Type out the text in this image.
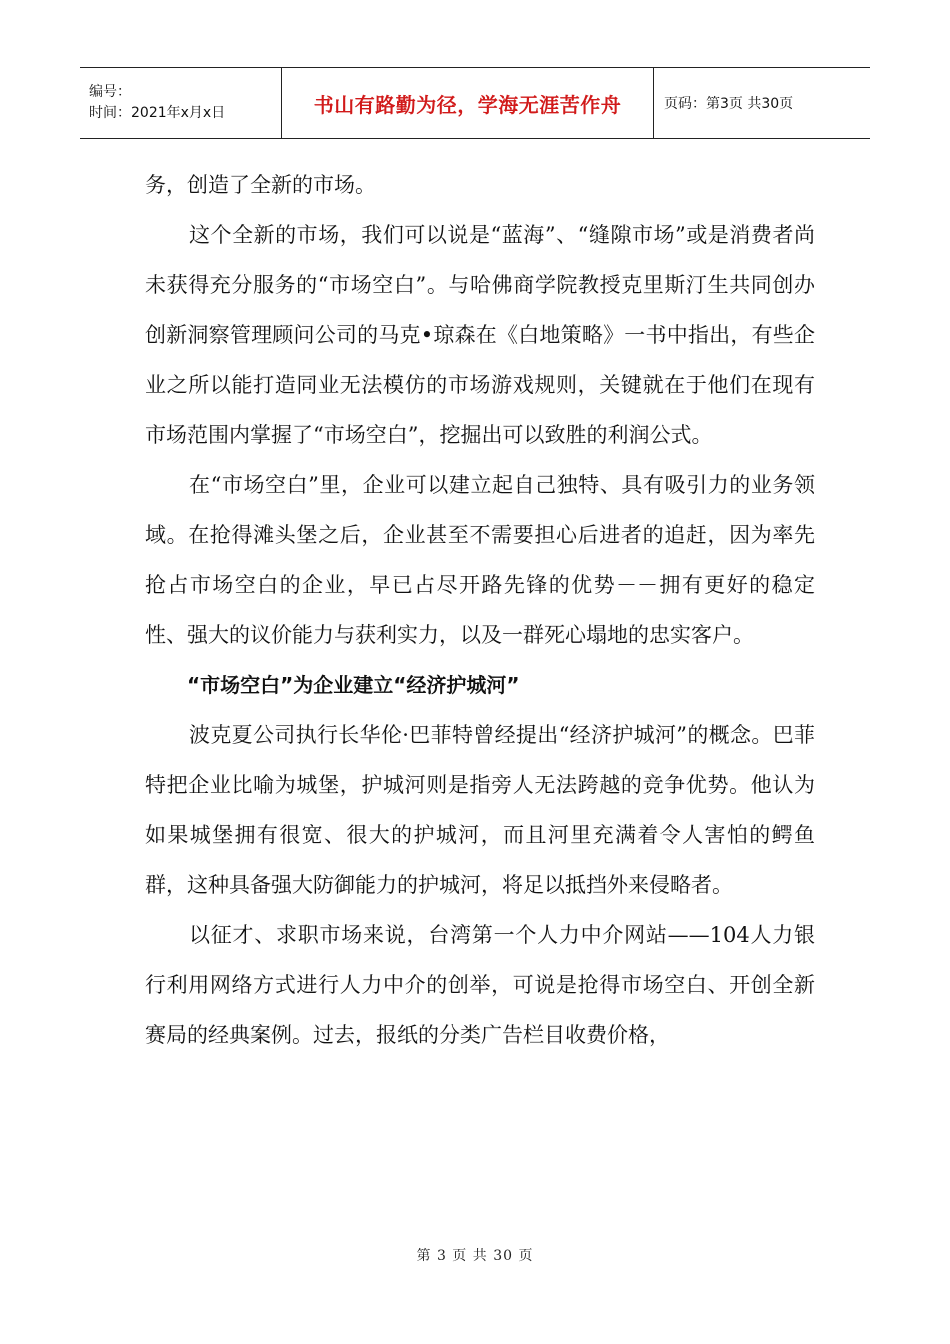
编号：
时间：2021年x月x日	书山有路勤为径，学海无涯苦作舟	页码：第3页 共30页

务，创造了全新的市场。

这个全新的市场，我们可以说是“蓝海”、“缝隙市场”或是消费者尚未获得充分服务的“市场空白”。与哈佛商学院教授克里斯汀生共同创办创新洞察管理顾问公司的马克•琼森在《白地策略》一书中指出，有些企业之所以能打造同业无法模仿的市场游戏规则，关键就在于他们在现有市场范围内掌握了“市场空白”，挖掘出可以致胜的利润公式。

在“市场空白”里，企业可以建立起自己独特、具有吸引力的业务领域。在抢得滩头堡之后，企业甚至不需要担心后进者的追赶，因为率先抢占市场空白的企业，早已占尽开路先锋的优势－－拥有更好的稳定性、强大的议价能力与获利实力，以及一群死心塌地的忠实客户。

“市场空白”为企业建立“经济护城河”

波克夏公司执行长华伦·巴菲特曾经提出“经济护城河”的概念。巴菲特把企业比喻为城堡，护城河则是指旁人无法跨越的竞争优势。他认为如果城堡拥有很宽、很大的护城河，而且河里充满着令人害怕的鳄鱼群，这种具备强大防御能力的护城河，将足以抵挡外来侵略者。

以征才、求职市场来说，台湾第一个人力中介网站——104人力银行利用网络方式进行人力中介的创举，可说是抢得市场空白、开创全新赛局的经典案例。过去，报纸的分类广告栏目收费价格，

第 3 页 共 30 页
